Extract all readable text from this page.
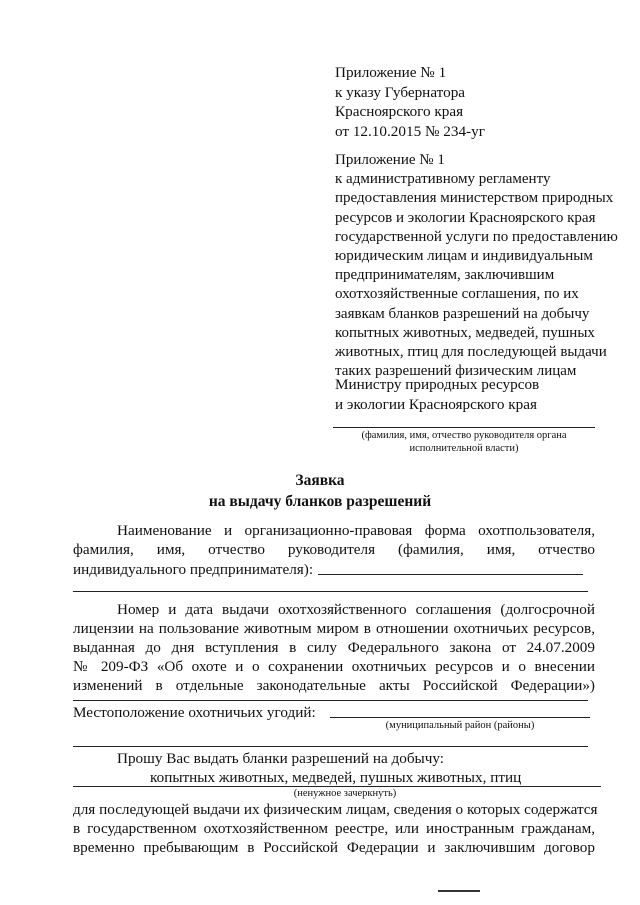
Приложение № 1
к указу Губернатора
Красноярского края
от 12.10.2015 № 234-уг
Приложение № 1
к административному регламенту
предоставления министерством природных
ресурсов и экологии Красноярского края
государственной услуги по предоставлению
юридическим лицам и индивидуальным
предпринимателям, заключившим
охотхозяйственные соглашения, по их
заявкам бланков разрешений на добычу
копытных животных, медведей, пушных
животных, птиц для последующей выдачи
таких разрешений физическим лицам
Министру природных ресурсов
и экологии Красноярского края
(фамилия, имя, отчество руководителя органа
исполнительной власти)
Заявка
на выдачу бланков разрешений
Наименование и организационно-правовая форма охотпользователя,
фамилия, имя, отчество руководителя (фамилия, имя, отчество
индивидуального предпринимателя):
Номер и дата выдачи охотхозяйственного соглашения (долгосрочной
лицензии на пользование животным миром в отношении охотничьих ресурсов,
выданная до дня вступления в силу Федерального закона от 24.07.2009
№ 209-ФЗ «Об охоте и о сохранении охотничьих ресурсов и о внесении
изменений в отдельные законодательные акты Российской Федерации»)
Местоположение охотничьих угодий:
(муниципальный район (районы)
Прошу Вас выдать бланки разрешений на добычу:
копытных животных, медведей, пушных животных, птиц
(ненужное зачеркнуть)
для последующей выдачи их физическим лицам, сведения о которых содержатся
в государственном охотхозяйственном реестре, или иностранным гражданам,
временно пребывающим в Российской Федерации и заключившим договор
